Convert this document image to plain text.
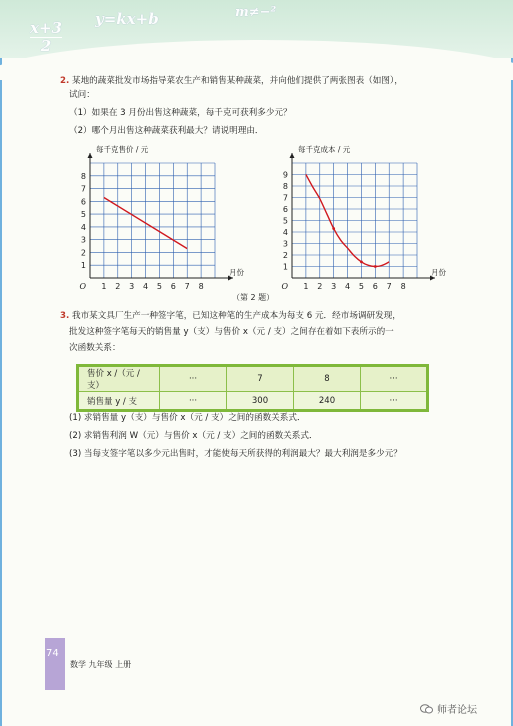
x+3
2
y=kx+b	m≠−²
2. 某地的蔬菜批发市场指导菜农生产和销售某种蔬菜，并向他们提供了两张图表（如图），
试问：
（1）如果在 3 月份出售这种蔬菜，每千克可获利多少元？
（2）哪个月出售这种蔬菜获利最大？请说明理由．
1 2 3 4 5 6 7 8
1
2
3
4
5
6
7
8
O
月份
每千克售价 / 元
1 2 3 4 5 6 7 8
1
2
3
4
5
6
7
8
9
O
月份
每千克成本 / 元
（第 2 题）
3. 我市某文具厂生产一种签字笔，已知这种笔的生产成本为每支 6 元．经市场调研发现，
批发这种签字笔每天的销售量 y（支）与售价 x（元 / 支）之间存在着如下表所示的一
次函数关系：
售价 x /（元 / 支）	···	7	8	···
销售量 y / 支	···	300	240	···
(1) 求销售量 y（支）与售价 x（元 / 支）之间的函数关系式．
(2) 求销售利润 W（元）与售价 x（元 / 支）之间的函数关系式．
(3) 当每支签字笔以多少元出售时，才能使每天所获得的利润最大？最大利润是多少元？
74
数学 九年级 上册
师者论坛
